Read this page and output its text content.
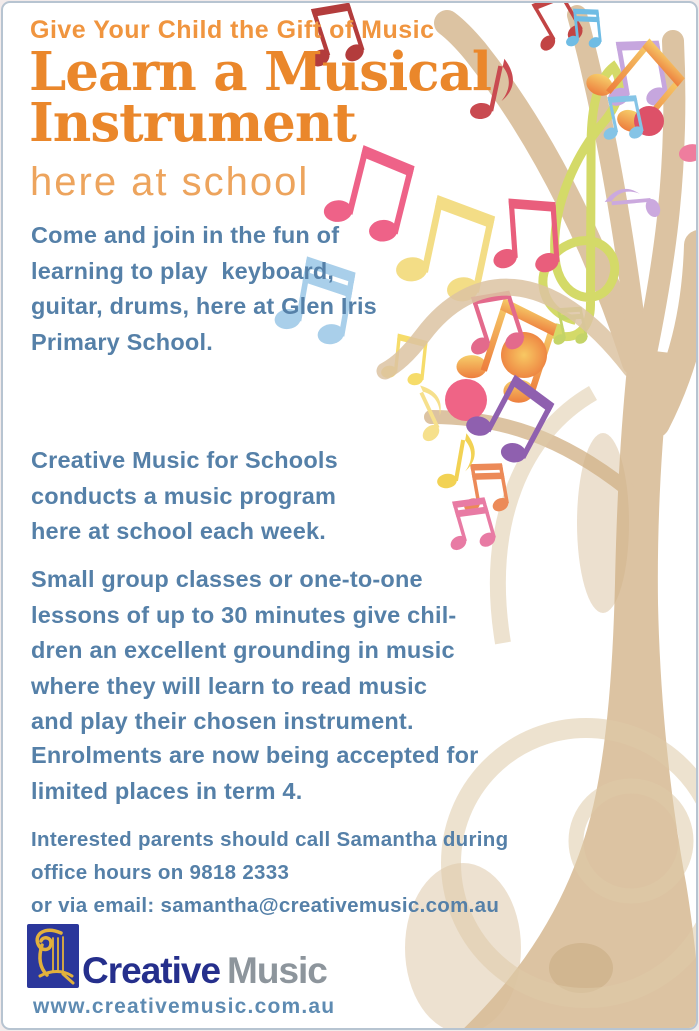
Give Your Child the Gift of Music
Learn a Musical
Instrument
here at school
Come and join in the fun of
learning to play  keyboard,
guitar, drums, here at Glen Iris
Primary School.
Creative Music for Schools
conducts a music program
here at school each week.
Small group classes or one-to-one
lessons of up to 30 minutes give chil-
dren an excellent grounding in music
where they will learn to read music
and play their chosen instrument.
Enrolments are now being accepted for
limited places in term 4.
Interested parents should call Samantha during
office hours on 9818 2333
or via email: samantha@creativemusic.com.au
Creative Music
www.creativemusic.com.au
